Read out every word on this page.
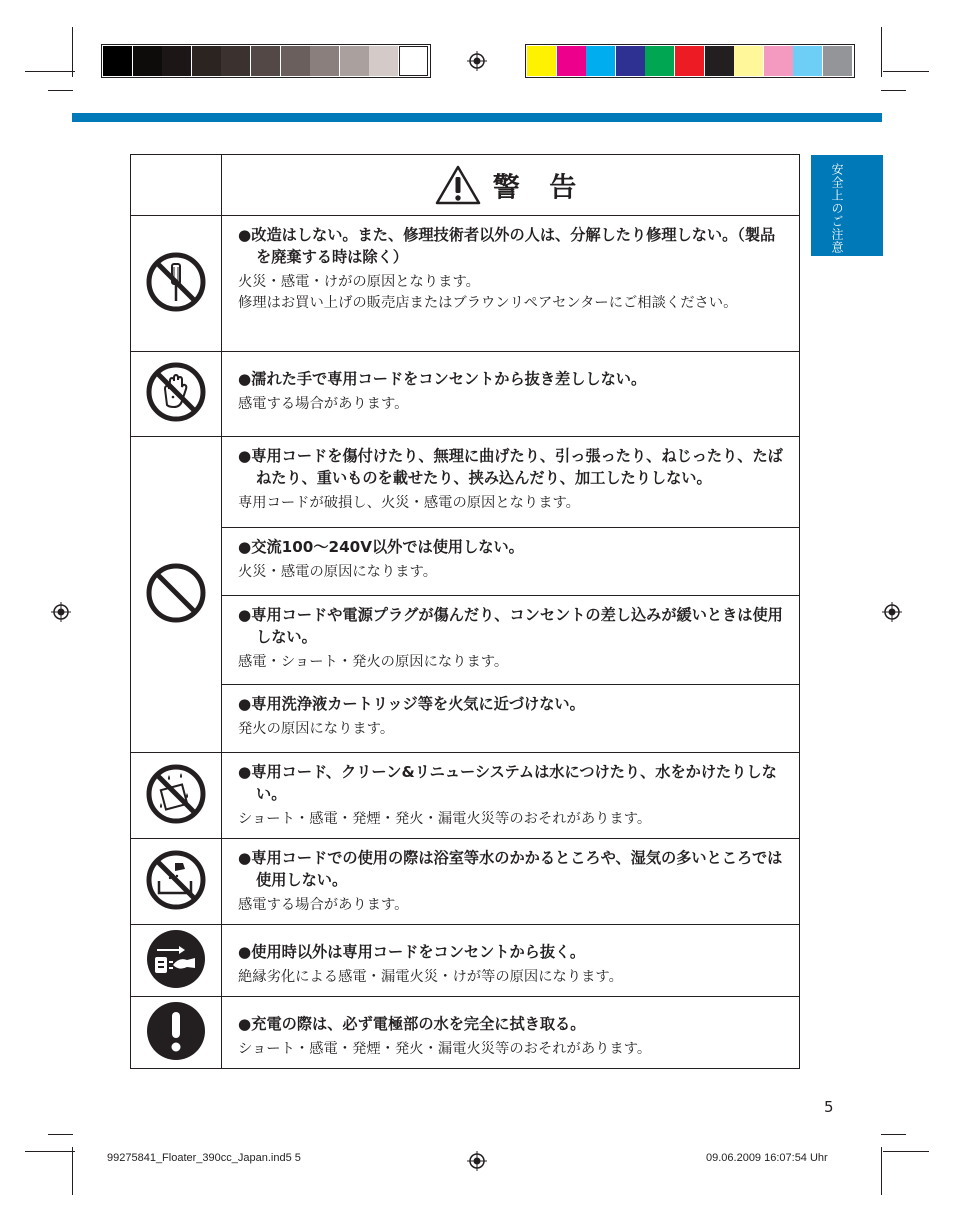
安全上のご注意
	警 告

●改造はしない。また、修理技術者以外の人は、分解したり修理しない。（製品を廃棄する時は除く）
火災・感電・けがの原因となります。
修理はお買い上げの販売店またはブラウンリペアセンターにご相談ください。

●濡れた手で専用コードをコンセントから抜き差ししない。
感電する場合があります。

●専用コードを傷付けたり、無理に曲げたり、引っ張ったり、ねじったり、たばねたり、重いものを載せたり、挟み込んだり、加工したりしない。
専用コードが破損し、火災・感電の原因となります。

	●交流100〜240V以外では使用しない。
火災・感電の原因になります。

	●専用コードや電源プラグが傷んだり、コンセントの差し込みが緩いときは使用しない。
感電・ショート・発火の原因になります。

	●専用洗浄液カートリッジ等を火気に近づけない。
発火の原因になります。

●専用コード、クリーン&リニューシステムは水につけたり、水をかけたりしない。
ショート・感電・発煙・発火・漏電火災等のおそれがあります。

●専用コードでの使用の際は浴室等水のかかるところや、湿気の多いところでは使用しない。
感電する場合があります。

●使用時以外は専用コードをコンセントから抜く。
絶縁劣化による感電・漏電火災・けが等の原因になります。

●充電の際は、必ず電極部の水を完全に拭き取る。
ショート・感電・発煙・発火・漏電火災等のおそれがあります。
5
99275841_Floater_390cc_Japan.ind5 5	09.06.2009 16:07:54 Uhr
